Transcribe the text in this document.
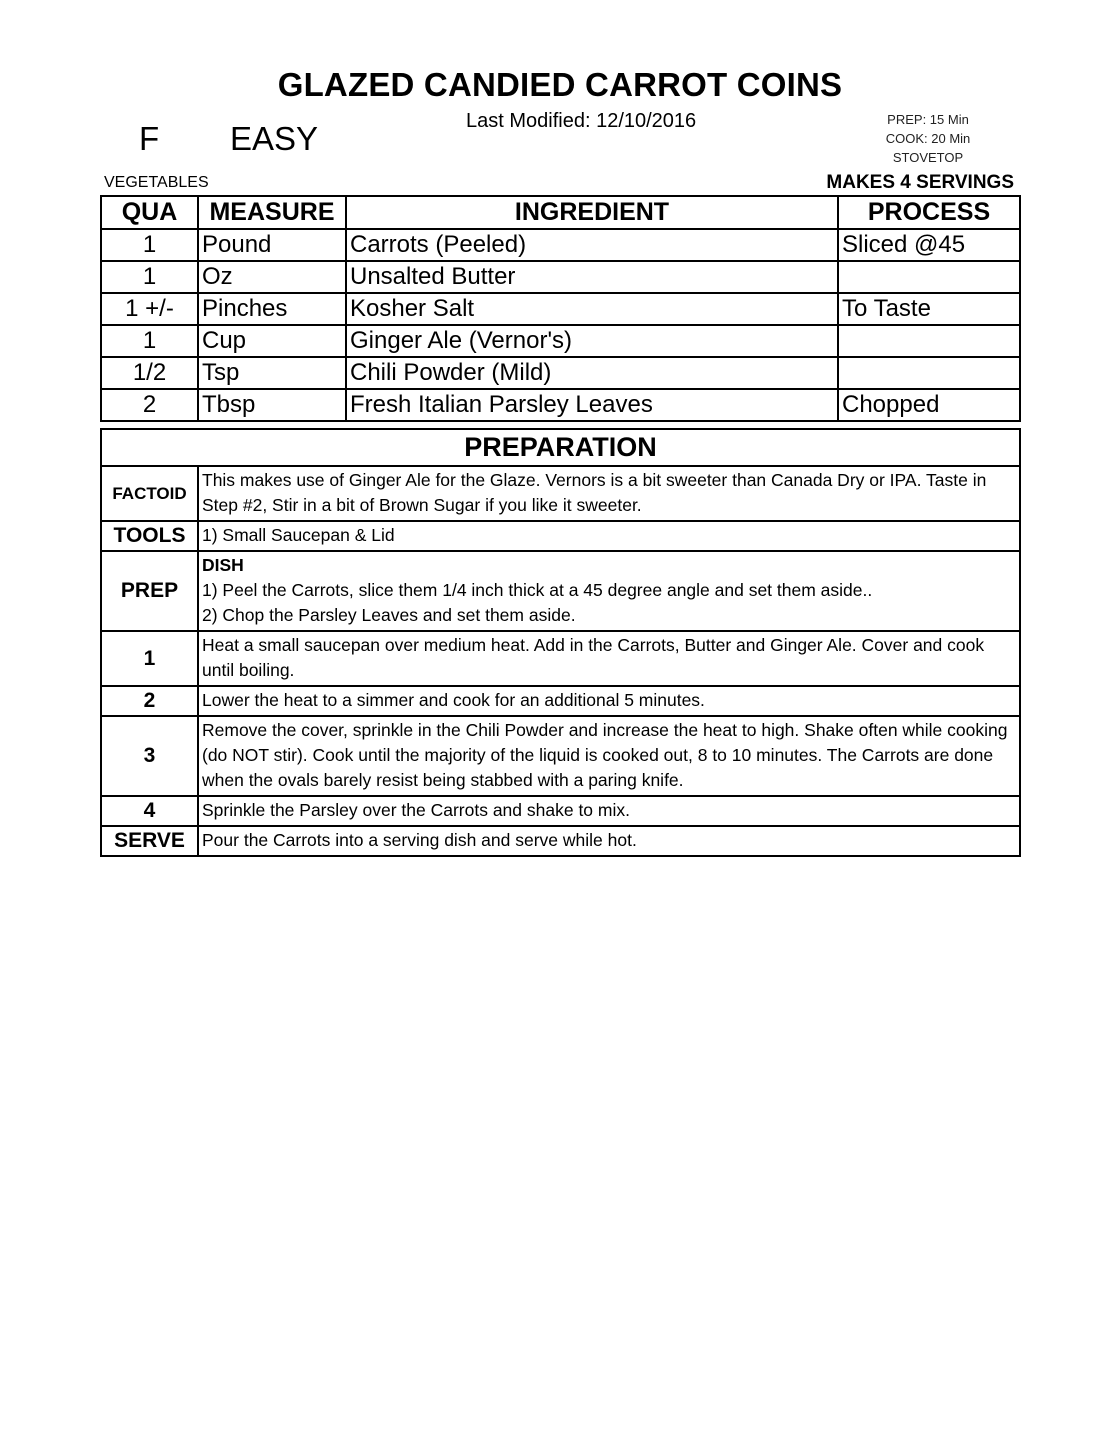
GLAZED CANDIED CARROT COINS
F EASY	Last Modified: 12/10/2016	PREP: 15 Min
COOK: 20 Min
STOVETOP
VEGETABLES	MAKES 4 SERVINGS
QUA	MEASURE	INGREDIENT	PROCESS
1	Pound	Carrots (Peeled)	Sliced @45
1	Oz	Unsalted Butter	
1 +/-	Pinches	Kosher Salt	To Taste
1	Cup	Ginger Ale (Vernor's)	
1/2	Tsp	Chili Powder (Mild)	
2	Tbsp	Fresh Italian Parsley Leaves	Chopped
PREPARATION	
FACTOID	This makes use of Ginger Ale for the Glaze. Vernors is a bit sweeter than Canada Dry or IPA. Taste in Step #2, Stir in a bit of Brown Sugar if you like it sweeter.
TOOLS	1) Small Saucepan & Lid
PREP	DISH
1) Peel the Carrots, slice them 1/4 inch thick at a 45 degree angle and set them aside..
2) Chop the Parsley Leaves and set them aside.

1	Heat a small saucepan over medium heat. Add in the Carrots, Butter and Ginger Ale. Cover and cook until boiling.
2	Lower the heat to a simmer and cook for an additional 5 minutes.
3	Remove the cover, sprinkle in the Chili Powder and increase the heat to high. Shake often while cooking (do NOT stir). Cook until the majority of the liquid is cooked out, 8 to 10 minutes. The Carrots are done when the ovals barely resist being stabbed with a paring knife.
4	Sprinkle the Parsley over the Carrots and shake to mix.
SERVE	Pour the Carrots into a serving dish and serve while hot.
